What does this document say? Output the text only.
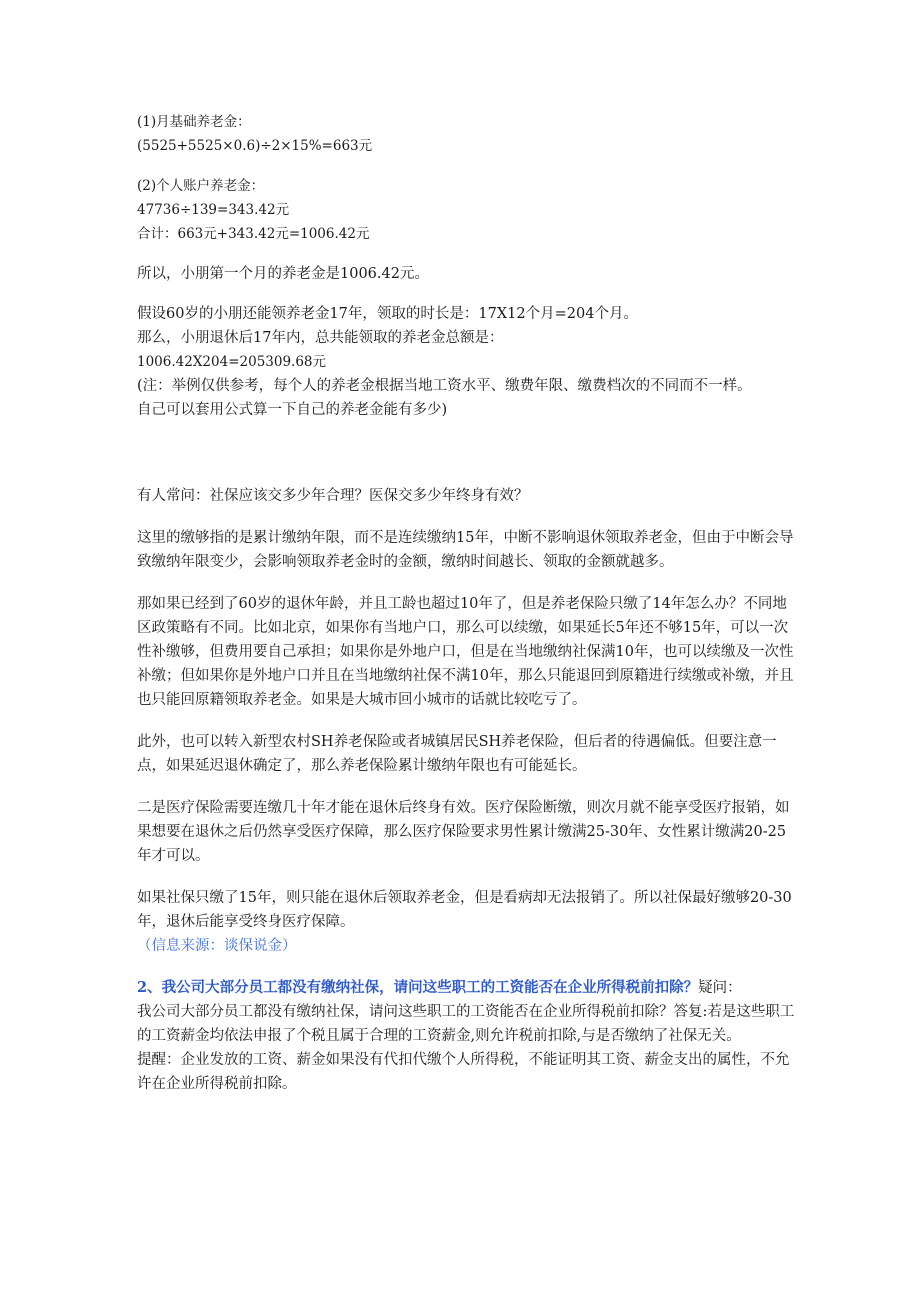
(1)月基础养老金：

(5525+5525×0.6)÷2×15%=663元

(2)个人账户养老金：

47736÷139=343.42元

合计：663元+343.42元=1006.42元

所以，小朋第一个月的养老金是1006.42元。

假设60岁的小朋还能领养老金17年，领取的时长是：17X12个月=204个月。

那么，小朋退休后17年内，总共能领取的养老金总额是：

1006.42X204=205309.68元

(注：举例仅供参考，每个人的养老金根据当地工资水平、缴费年限、缴费档次的不同而不一样。

自己可以套用公式算一下自己的养老金能有多少)

有人常问：社保应该交多少年合理？医保交多少年终身有效？

这里的缴够指的是累计缴纳年限，而不是连续缴纳15年，中断不影响退休领取养老金，但由于中断会导致缴纳年限变少，会影响领取养老金时的金额，缴纳时间越长、领取的金额就越多。

那如果已经到了60岁的退休年龄，并且工龄也超过10年了，但是养老保险只缴了14年怎么办？不同地区政策略有不同。比如北京，如果你有当地户口，那么可以续缴，如果延长5年还不够15年，可以一次性补缴够，但费用要自己承担；如果你是外地户口，但是在当地缴纳社保满10年，也可以续缴及一次性补缴；但如果你是外地户口并且在当地缴纳社保不满10年，那么只能退回到原籍进行续缴或补缴，并且也只能回原籍领取养老金。如果是大城市回小城市的话就比较吃亏了。

此外，也可以转入新型农村SH养老保险或者城镇居民SH养老保险，但后者的待遇偏低。但要注意一点，如果延迟退休确定了，那么养老保险累计缴纳年限也有可能延长。

二是医疗保险需要连缴几十年才能在退休后终身有效。医疗保险断缴，则次月就不能享受医疗报销，如果想要在退休之后仍然享受医疗保障，那么医疗保险要求男性累计缴满25-30年、女性累计缴满20-25年才可以。

如果社保只缴了15年，则只能在退休后领取养老金，但是看病却无法报销了。所以社保最好缴够20-30年，退休后能享受终身医疗保障。

（信息来源：谈保说金）

2、我公司大部分员工都没有缴纳社保，请问这些职工的工资能否在企业所得税前扣除？疑问：

我公司大部分员工都没有缴纳社保，请问这些职工的工资能否在企业所得税前扣除？答复:若是这些职工的工资薪金均依法申报了个税且属于合理的工资薪金,则允许税前扣除,与是否缴纳了社保无关。

提醒：企业发放的工资、薪金如果没有代扣代缴个人所得税，不能证明其工资、薪金支出的属性，不允许在企业所得税前扣除。
